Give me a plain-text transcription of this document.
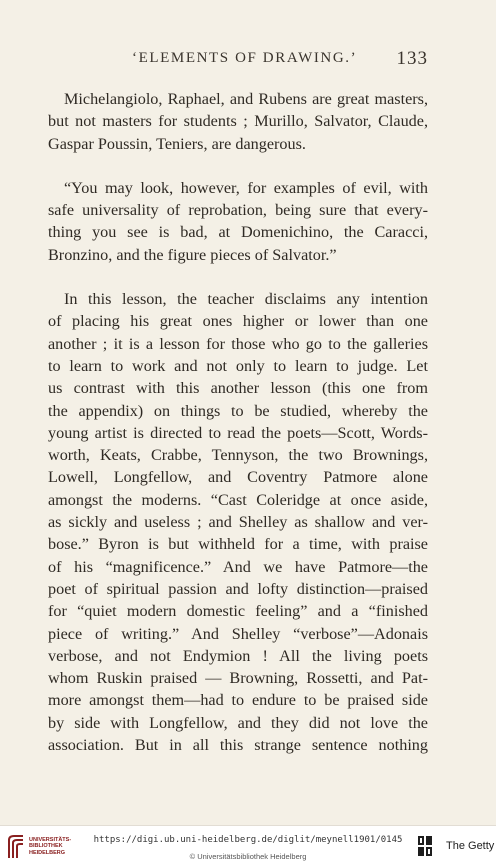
‘ELEMENTS OF DRAWING.’ 133
Michelangiolo, Raphael, and Rubens are great masters,
but not masters for students ; Murillo, Salvator, Claude,
Gaspar Poussin, Teniers, are dangerous.
“You may look, however, for examples of evil, with
safe universality of reprobation, being sure that every-
thing you see is bad, at Domenichino, the Caracci,
Bronzino, and the figure pieces of Salvator.”
In this lesson, the teacher disclaims any intention
of placing his great ones higher or lower than one
another ; it is a lesson for those who go to the galleries
to learn to work and not only to learn to judge. Let
us contrast with this another lesson (this one from
the appendix) on things to be studied, whereby the
young artist is directed to read the poets—Scott, Words-
worth, Keats, Crabbe, Tennyson, the two Brownings,
Lowell, Longfellow, and Coventry Patmore alone
amongst the moderns. “Cast Coleridge at once aside,
as sickly and useless ; and Shelley as shallow and ver-
bose.” Byron is but withheld for a time, with praise
of his “magnificence.” And we have Patmore—the
poet of spiritual passion and lofty distinction—praised
for “quiet modern domestic feeling” and a “finished
piece of writing.” And Shelley “verbose”—Adonais
verbose, and not Endymion ! All the living poets
whom Ruskin praised — Browning, Rossetti, and Pat-
more amongst them—had to endure to be praised side
by side with Longfellow, and they did not love the
association. But in all this strange sentence nothing
UNIVERSITÄTS-
BIBLIOTHEK
HEIDELBERG
https://digi.ub.uni-heidelberg.de/diglit/meynell1901/0145
© Universitätsbibliothek Heidelberg
The Getty
